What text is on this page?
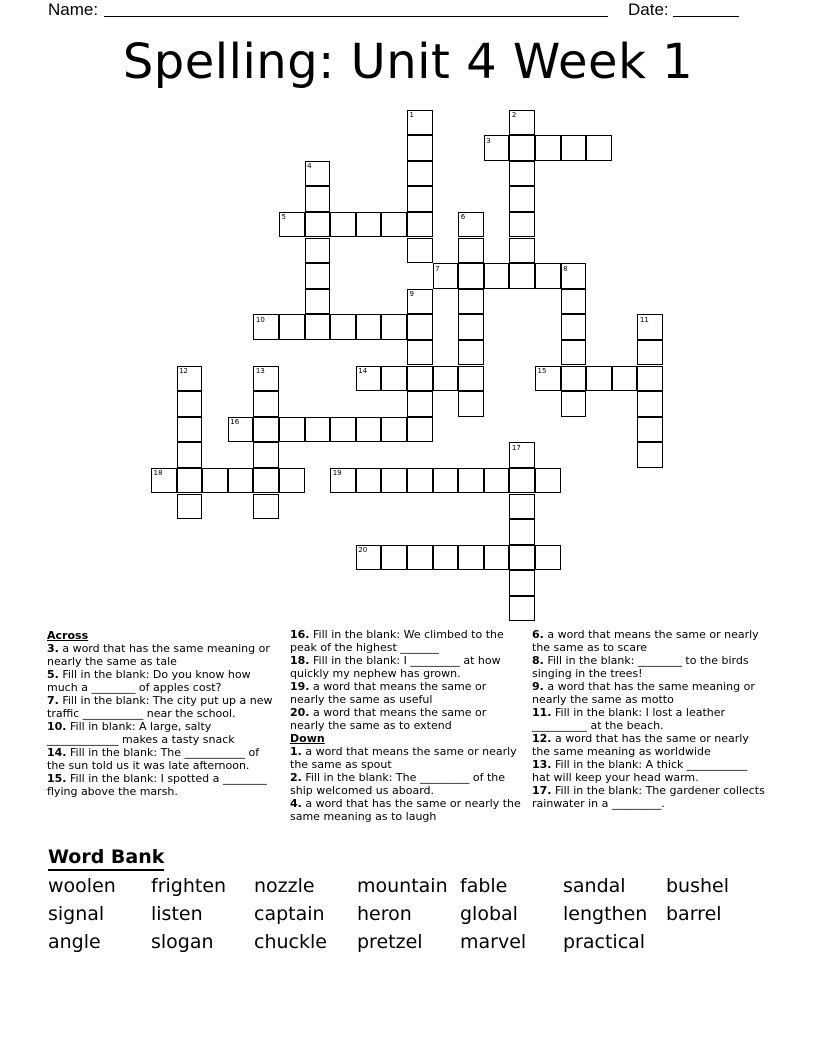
Name:	Date:
Spelling: Unit 4 Week 1
1	2
3
4
5	6
7	8
9
10	11
12	13	14	15
16
17
18	19
20

Across

3. a word that has the same meaning or nearly the same as tale

5. Fill in the blank: Do you know how much a ________ of apples cost?

7. Fill in the blank: The city put up a new traffic ___________ near the school.

10. Fill in blank: A large, salty _____________ makes a tasty snack

14. Fill in the blank: The ___________ of the sun told us it was late afternoon.

15. Fill in the blank: I spotted a ________ flying above the marsh.

16. Fill in the blank: We climbed to the peak of the highest _______

18. Fill in the blank: I _________ at how quickly my nephew has grown.

19. a word that means the same or nearly the same as useful

20. a word that means the same or nearly the same as to extend

Down

1. a word that means the same or nearly the same as spout

2. Fill in the blank: The _________ of the ship welcomed us aboard.

4. a word that has the same or nearly the same meaning as to laugh

6. a word that means the same or nearly the same as to scare

8. Fill in the blank: ________ to the birds singing in the trees!

9. a word that has the same meaning or nearly the same as motto

11. Fill in the blank: I lost a leather __________ at the beach.

12. a word that has the same or nearly the same meaning as worldwide

13. Fill in the blank: A thick ___________ hat will keep your head warm.

17. Fill in the blank: The gardener collects rainwater in a _________.

Word Bank
woolen frighten nozzle mountain fable	sandal bushel
signal listen	captain heron	global lengthen barrel
angle	slogan chuckle pretzel marvel practical
